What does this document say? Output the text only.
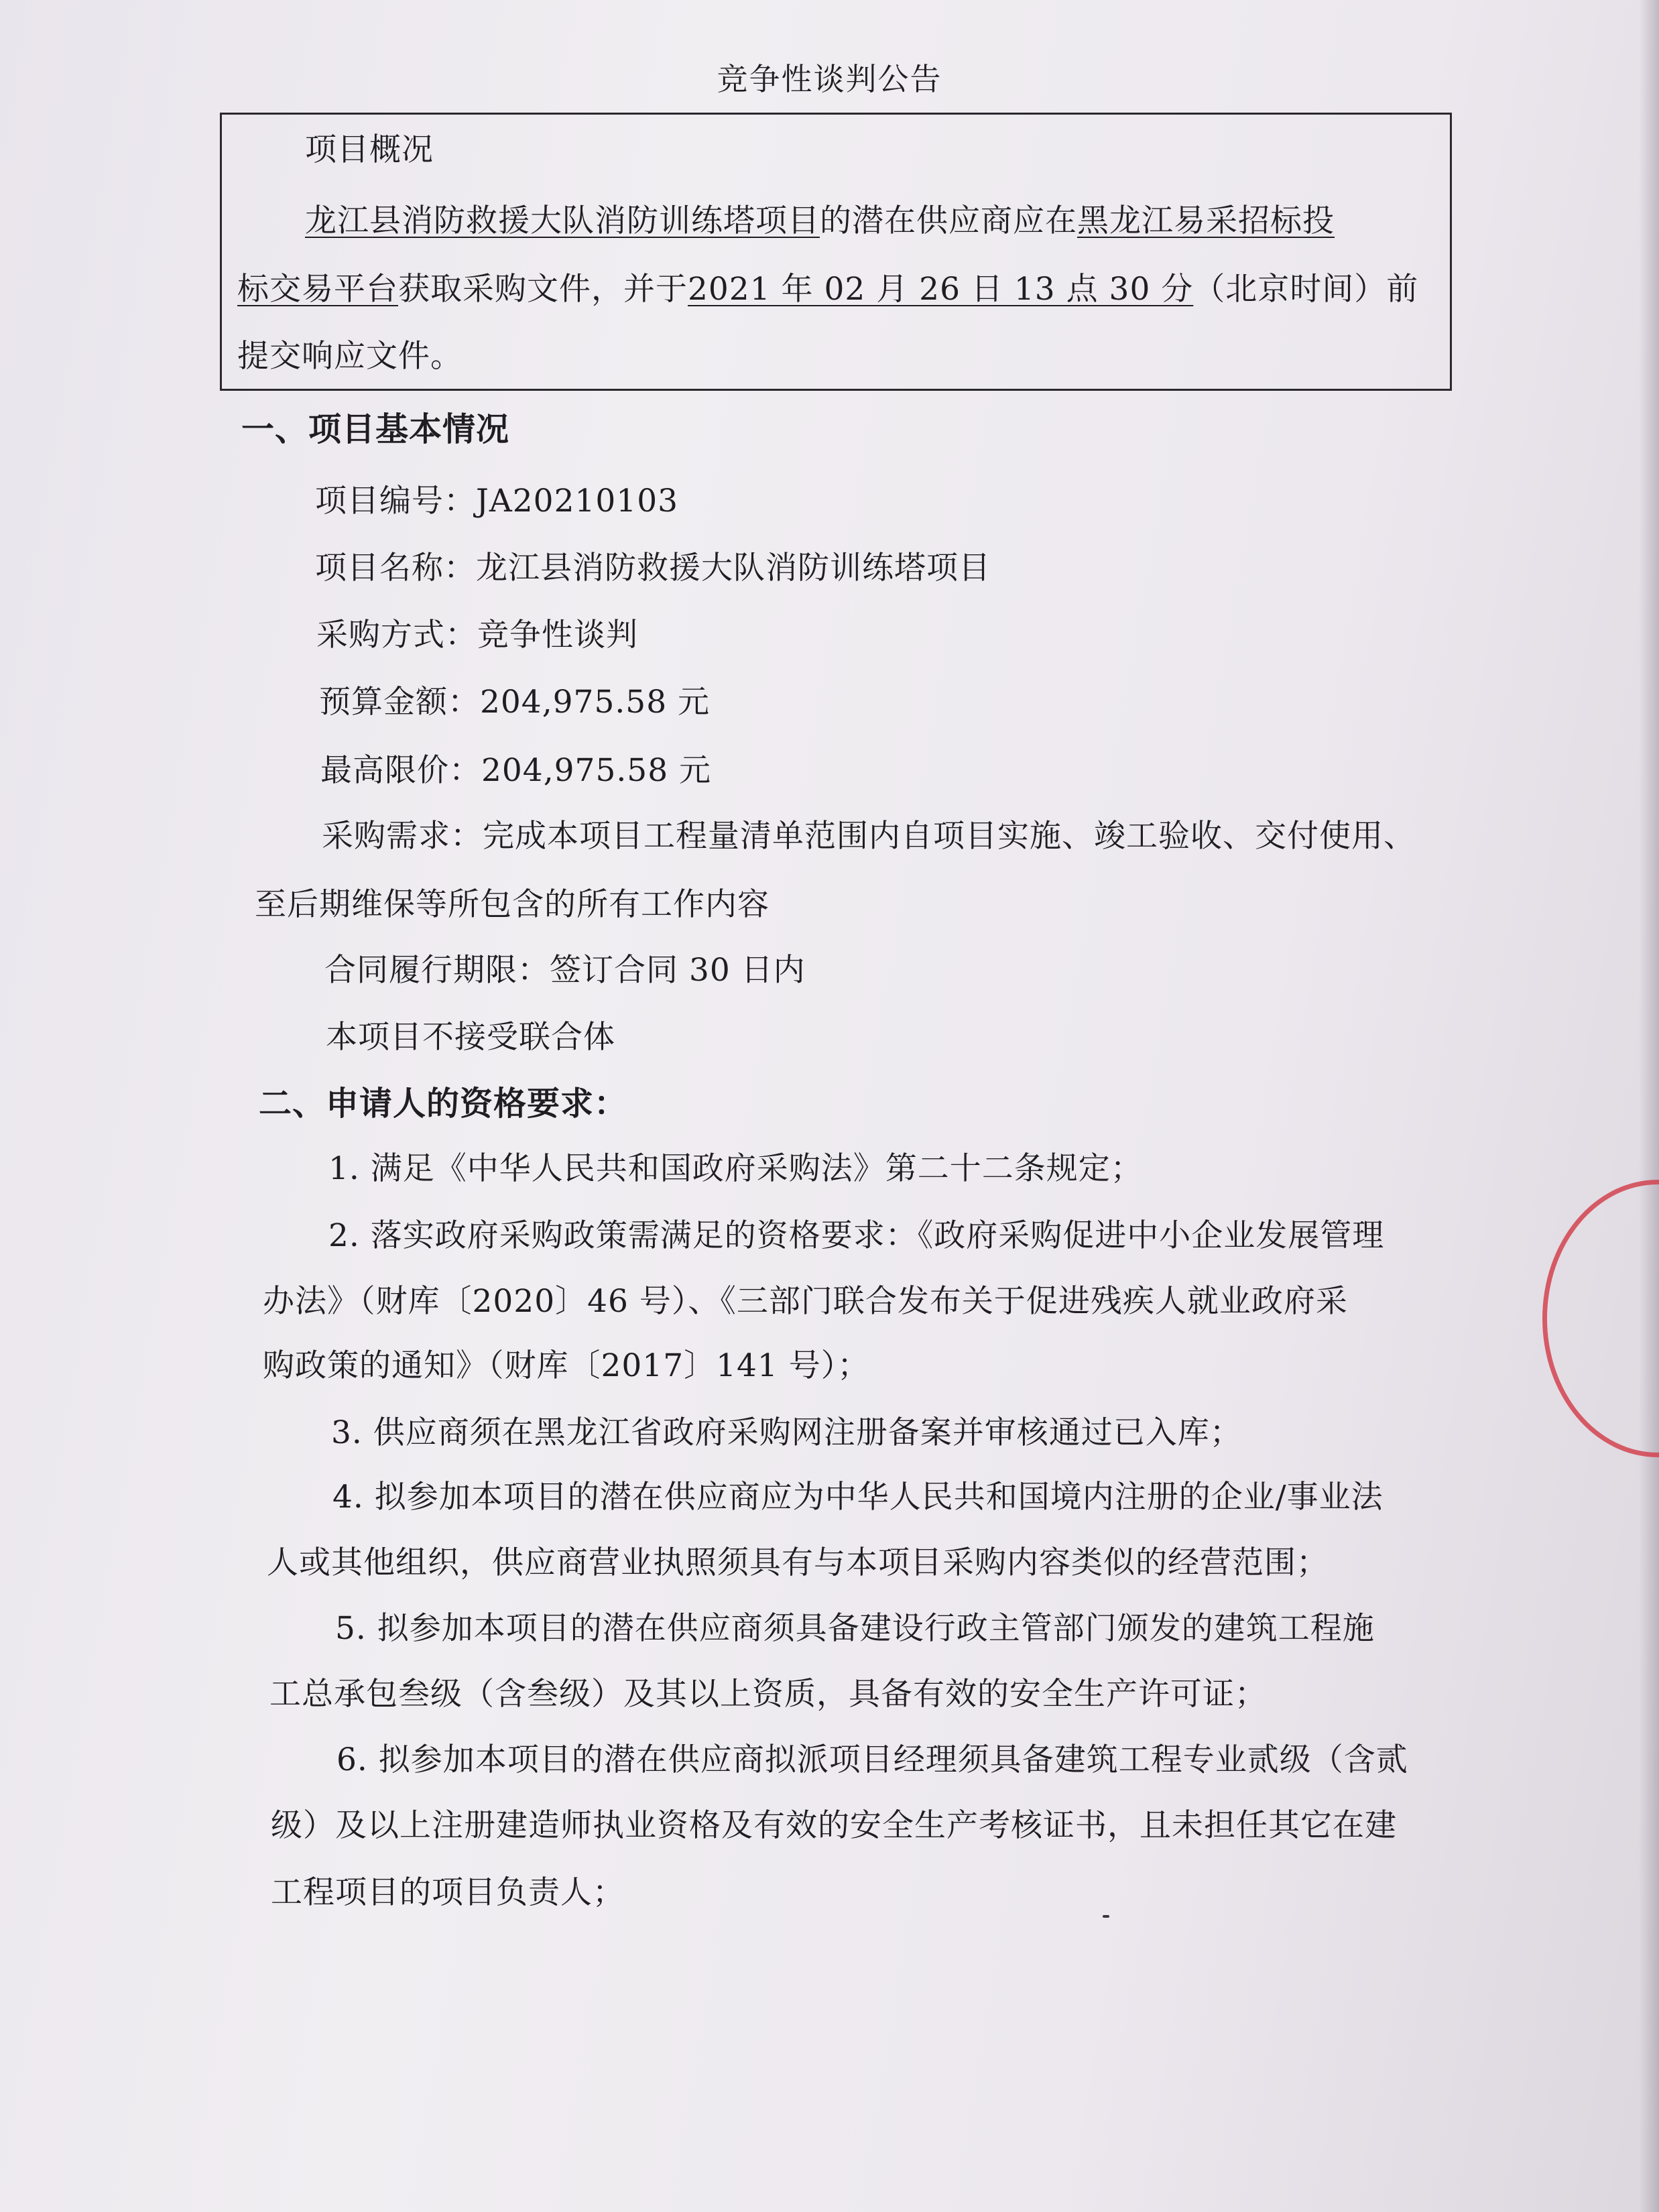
竞争性谈判公告
项目概况
龙江县消防救援大队消防训练塔项目的潜在供应商应在黑龙江易采招标投
标交易平台获取采购文件，并于2021 年 02 月 26 日 13 点 30 分（北京时间）前
提交响应文件。
一、项目基本情况
项目编号：JA20210103
项目名称：龙江县消防救援大队消防训练塔项目
采购方式：竞争性谈判
预算金额：204,975.58 元
最高限价：204,975.58 元
采购需求：完成本项目工程量清单范围内自项目实施、竣工验收、交付使用、
至后期维保等所包含的所有工作内容
合同履行期限：签订合同 30 日内
本项目不接受联合体
二、申请人的资格要求：
1. 满足《中华人民共和国政府采购法》第二十二条规定；
2. 落实政府采购政策需满足的资格要求：《政府采购促进中小企业发展管理
办法》（财库〔2020〕46 号）、《三部门联合发布关于促进残疾人就业政府采
购政策的通知》（财库〔2017〕141 号）；
3. 供应商须在黑龙江省政府采购网注册备案并审核通过已入库；
4. 拟参加本项目的潜在供应商应为中华人民共和国境内注册的企业/事业法
人或其他组织，供应商营业执照须具有与本项目采购内容类似的经营范围；
5. 拟参加本项目的潜在供应商须具备建设行政主管部门颁发的建筑工程施
工总承包叁级（含叁级）及其以上资质，具备有效的安全生产许可证；
6. 拟参加本项目的潜在供应商拟派项目经理须具备建筑工程专业贰级（含贰
级）及以上注册建造师执业资格及有效的安全生产考核证书，且未担任其它在建
工程项目的项目负责人；
